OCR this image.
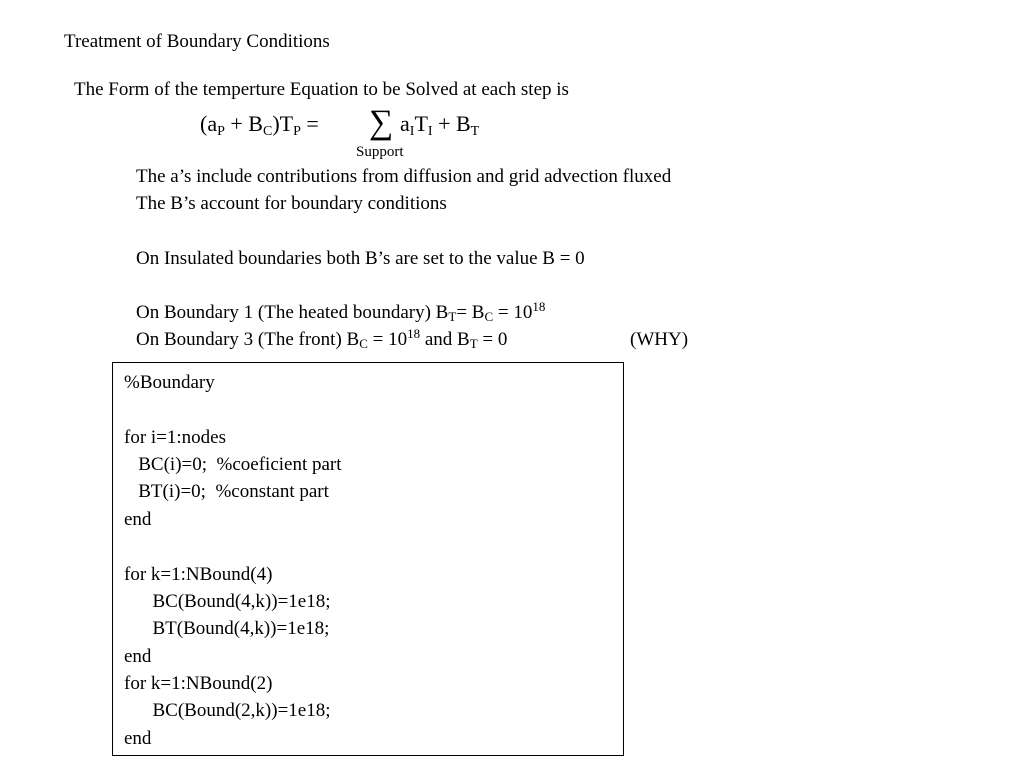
Treatment of Boundary Conditions
The Form of the temperture Equation to be Solved at each step is
$(a_P + B_C)T_P$ = ∑ $a_IT_I + B_T$
Support
The a’s include contributions from diffusion and grid advection fluxed
The B’s account for boundary conditions
On Insulated boundaries both B’s are set to the value B = 0
On Boundary 1 (The heated boundary) $B_T= B_C = 10^{18}$
On Boundary 3 (The front) $B_C = 10^{18}$ and $B_T = 0$	(WHY)
%Boundary
for i=1:nodes
BC(i)=0;  %coeficient part
BT(i)=0;  %constant part
end
for k=1:NBound(4)
BC(Bound(4,k))=1e18;
BT(Bound(4,k))=1e18;
end
for k=1:NBound(2)
BC(Bound(2,k))=1e18;
end
